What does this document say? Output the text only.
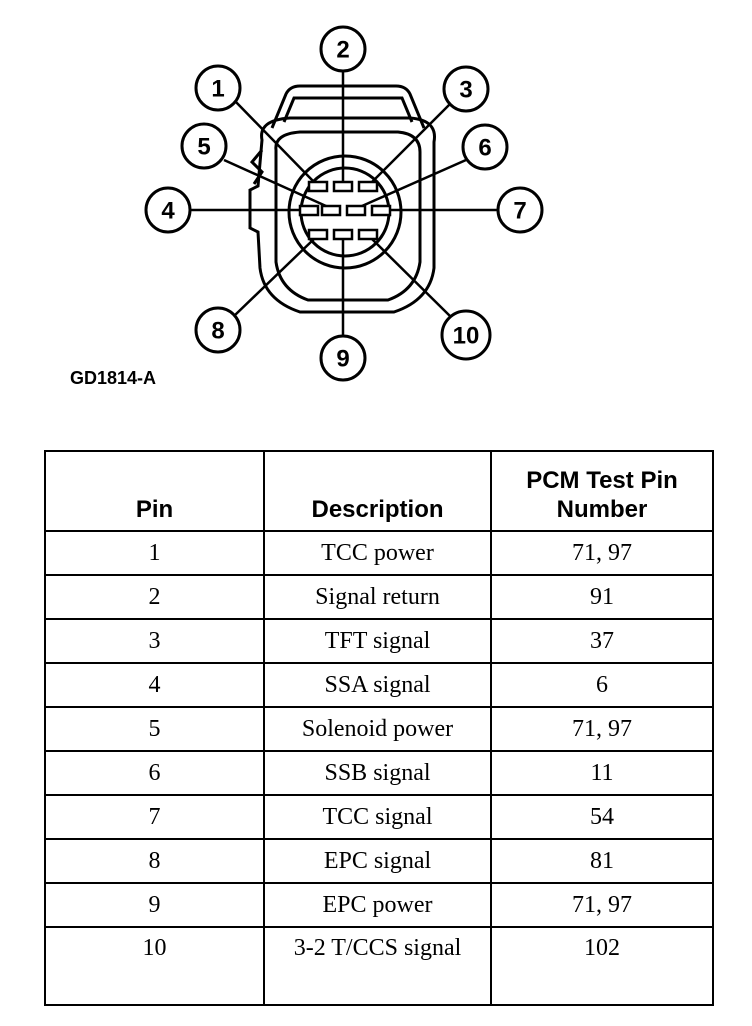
1
2
3
4
5	6
7
8
9
10
GD1814-A
Pin	Description	PCM Test Pin Number
1	TCC power	71, 97
2	Signal return	91
3	TFT signal	37
4	SSA signal	6
5	Solenoid power	71, 97
6	SSB signal	11
7	TCC signal	54
8	EPC signal	81
9	EPC power	71, 97
10	3-2 T/CCS signal	102
